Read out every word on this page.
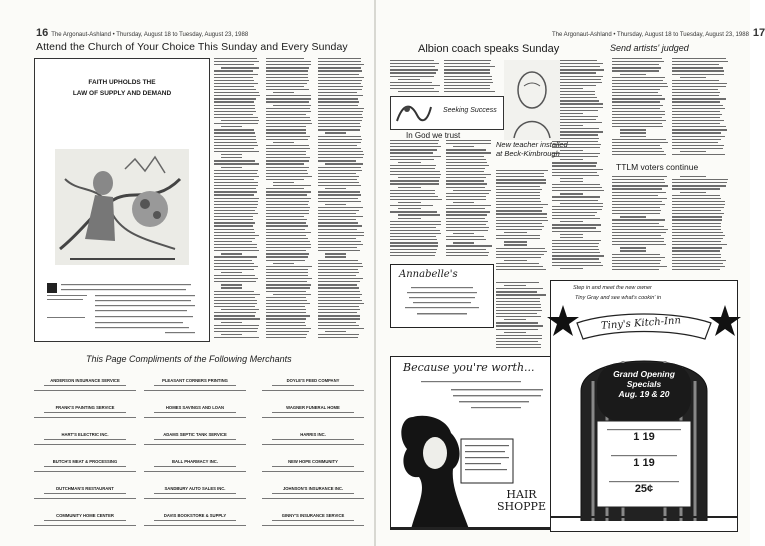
16 The Argonaut-Ashland • Thursday, August 18 to Tuesday, August 23, 1988
Attend the Church of Your Choice This Sunday and Every Sunday
FAITH UPHOLDS THE
LAW OF SUPPLY AND DEMAND
This Page Compliments of the Following Merchants
ANDERSON INSURANCE SERVICE	PLEASANT CORNERS PRINTING	DOYLE'S FEED COMPANY
FRANK'S PAINTING SERVICE	HOMES SAVINGS AND LOAN	WAGNER FUNERAL HOME
HART'S ELECTRIC INC.	ADAMS SEPTIC TANK SERVICE	HARRIS INC.
BUTCH'S MEAT & PROCESSING	BALL PHARMACY INC.	NEW HOPE COMMUNITY
DUTCHMAN'S RESTAURANT	SANDBURY AUTO SALES INC.	JOHNSON'S INSURANCE INC.
COMMUNITY HOME CENTER	DAVIS BOOKSTORE & SUPPLY	GINNY'S INSURANCE SERVICE
The Argonaut-Ashland • Thursday, August 18 to Tuesday, August 23, 1988 17
Albion coach speaks Sunday	Send artists' judged
Seeking Success
In God we trust
New teacher installed
at Beck-Kimbrough
TTLM voters continue
Annabelle's
Because you're worth...
HAIR
SHOPPE
Step in and meet the new owner
Tiny Gray and see what's cookin' in
Tiny's Kitch-Inn
Grand Opening
Specials
Aug. 19 & 20
1 19
1 19
25¢
